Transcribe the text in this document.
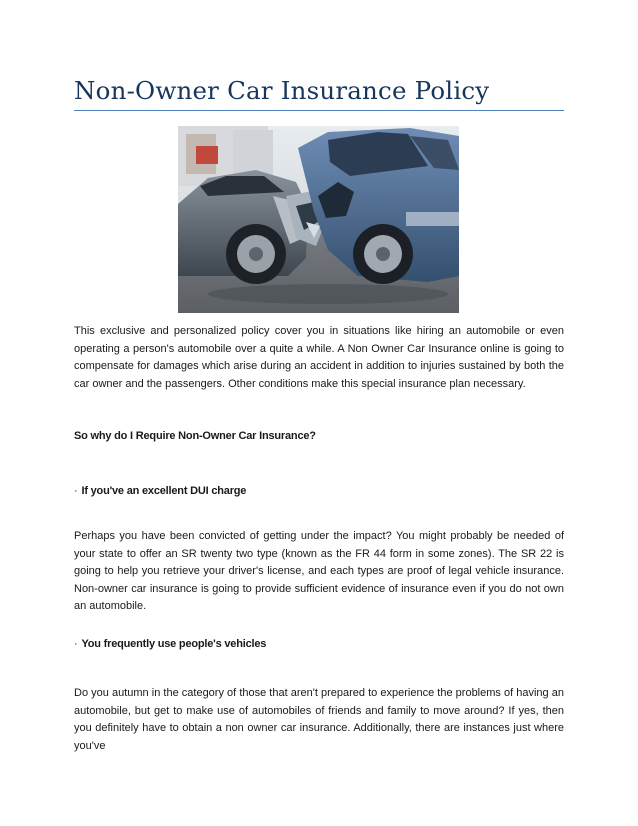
Non-Owner Car Insurance Policy

This exclusive and personalized policy cover you in situations like hiring an automobile or even operating a person's automobile over a quite a while. A Non Owner Car Insurance online is going to compensate for damages which arise during an accident in addition to injuries sustained by both the car owner and the passengers. Other conditions make this special insurance plan necessary.

So why do I Require Non-Owner Car Insurance?

· If you've an excellent DUI charge

Perhaps you have been convicted of getting under the impact? You might probably be needed of your state to offer an SR twenty two type (known as the FR 44 form in some zones). The SR 22 is going to help you retrieve your driver's license, and each types are proof of legal vehicle insurance. Non-owner car insurance is going to provide sufficient evidence of insurance even if you do not own an automobile.

· You frequently use people's vehicles

Do you autumn in the category of those that aren't prepared to experience the problems of having an automobile, but get to make use of automobiles of friends and family to move around? If yes, then you definitely have to obtain a non owner car insurance. Additionally, there are instances just where you've
